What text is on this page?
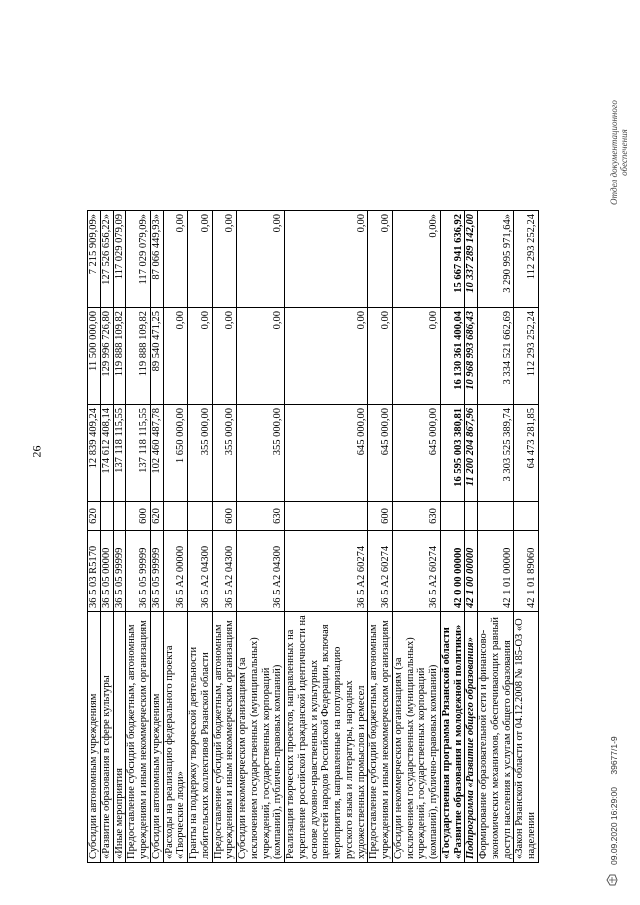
26
Субсидии автономным учреждениям	36 5 03 R5170	620	12 839 409,24	11 500 000,00	7 215 909,09»
«Развитие образования в сфере культуры	36 5 05 00000		174 612 408,14	129 996 726,80	127 526 656,22»
«Иные мероприятия	36 5 05 99999		137 118 115,55	119 888 109,82	117 029 079,09
Предоставление субсидий бюджетным, автономным учреждениям и иным некоммерческим организациям	36 5 05 99999	600	137 118 115,55	119 888 109,82	117 029 079,09»
Субсидии автономным учреждениям	36 5 05 99999	620	102 460 487,78	89 540 471,25	87 066 449,93»
«Расходы на реализацию федерального проекта «Творческие люди»	36 5 A2 00000		1 650 000,00	0,00	0,00
Гранты на поддержку творческой деятельности любительских коллективов Рязанской области	36 5 A2 04300		355 000,00	0,00	0,00
Предоставление субсидий бюджетным, автономным учреждениям и иным некоммерческим организациям	36 5 A2 04300	600	355 000,00	0,00	0,00
Субсидии некоммерческим организациям (за исключением государственных (муниципальных) учреждений, государственных корпораций (компаний), публично-правовых компаний)	36 5 A2 04300	630	355 000,00	0,00	0,00
Реализация творческих проектов, направленных на укрепление российской гражданской идентичности на основе духовно-нравственных и культурных ценностей народов Российской Федерации, включая мероприятия, направленные на популяризацию русского языка и литературы, народных художественных промыслов и ремесел	36 5 A2 60274		645 000,00	0,00	0,00
Предоставление субсидий бюджетным, автономным учреждениям и иным некоммерческим организациям	36 5 A2 60274	600	645 000,00	0,00	0,00
Субсидии некоммерческим организациям (за исключением государственных (муниципальных) учреждений, государственных корпораций (компаний), публично-правовых компаний)	36 5 A2 60274	630	645 000,00	0,00	0,00»
«Государственная программа Рязанской области «Развитие образования и молодежной политики»	42 0 00 00000		16 595 003 380,81	16 130 361 400,04	15 667 941 636,92
Подпрограмма «Развитие общего образования»	42 1 00 00000		11 200 204 867,96	10 968 993 686,43	10 337 289 142,00
Формирование образовательной сети и финансово-экономических механизмов, обеспечивающих равный доступ населения к услугам общего образования	42 1 01 00000		3 303 525 389,74	3 334 521 662,69	3 290 995 971,64»
«Закон Рязанской области от 04.12.2008 № 185-ОЗ «О наделении	42 1 01 89060		64 473 281,85	112 293 252,24	112 293 252,24
09.09.2020 16:29:00 39677/1-9
Отдел документационного обеспечения
